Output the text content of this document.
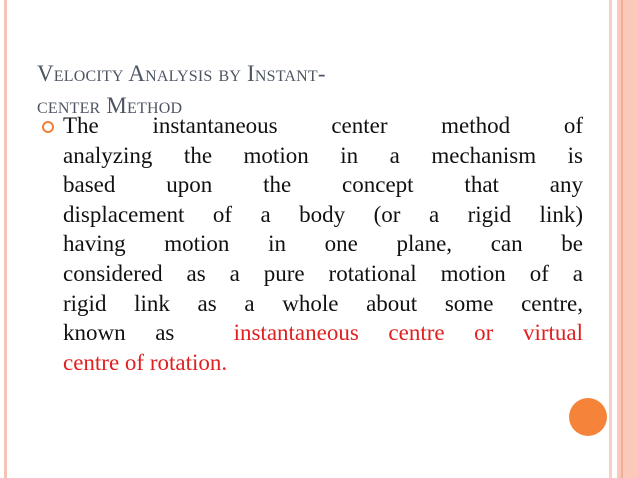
Velocity Analysis by Instant-
center Method
The instantaneous center method of
analyzing the motion in a mechanism is
based upon the concept that any
displacement of a body (or a rigid link)
having motion in one plane, can be
considered as a pure rotational motion of a
rigid link as a whole about some centre,
known as  instantaneous centre or virtual
centre of rotation.
